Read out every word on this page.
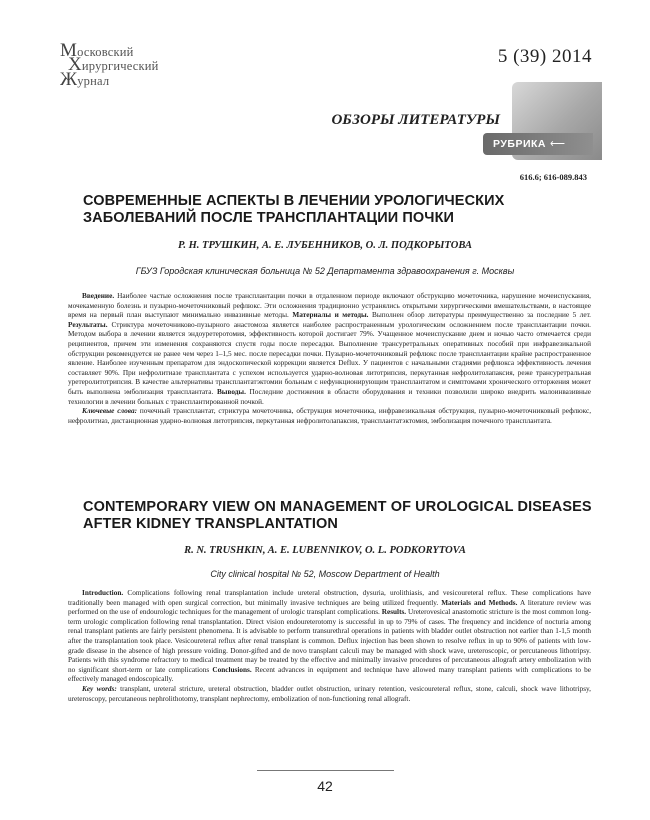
Московский
Хирургический
Журнал
5 (39) 2014
ОБЗОРЫ ЛИТЕРАТУРЫ
РУБРИКА ⟵
616.6; 616-089.843
СОВРЕМЕННЫЕ АСПЕКТЫ В ЛЕЧЕНИИ УРОЛОГИЧЕСКИХ
ЗАБОЛЕВАНИЙ ПОСЛЕ ТРАНСПЛАНТАЦИИ ПОЧКИ
Р. Н. ТРУШКИН, А. Е. ЛУБЕННИКОВ, О. Л. ПОДКОРЫТОВА
ГБУЗ Городская клиническая больница № 52 Департамента здравоохранения г. Москвы

Введение. Наиболее частые осложнения после трансплантации почки в отдаленном периоде включают обструкцию мочеточника, нарушение мочеиспускания, мочекаменную болезнь и пузырно-мочеточниковый рефлюкс. Эти осложнения традиционно устранялись открытыми хирургическими вмешательствами, в настоящее время на первый план выступают минимально инвазивные методы. Материалы и методы. Выполнен обзор литературы преимущественно за последние 5 лет. Результаты. Стриктура мочеточниково-пузырного анастомоза является наиболее распространенным урологическим осложнением после трансплантации почки. Методом выбора в лечении является эндоуретеротомия, эффективность которой достигает 79%. Учащенное мочеиспускание днем и ночью часто отмечается среди реципиентов, причем эти изменения сохраняются спустя годы после пересадки. Выполнение трансуретральных оперативных пособий при инфравезикальной обструкции рекомендуется не ранее чем через 1–1,5 мес. после пересадки почки. Пузырно-мочеточниковый рефлюкс после трансплантации крайне распространенное явление. Наиболее изученным препаратом для эндоскопической коррекции является Deflux. У пациентов с начальными стадиями рефлюкса эффективность лечения составляет 90%. При нефролитиазе трансплантата с успехом используется ударно-волновая литотрипсия, перкутанная нефролитолапаксия, реже трансуретральная уретеролитотрипсия. В качестве альтернативы трансплантатэктомии больным с нефункционирующим трансплантатом и симптомами хронического отторжения может быть выполнена эмболизация трансплантата. Выводы. Последние достижения в области оборудования и техники позволили широко внедрить малоинвазивные технологии в лечении больных с трансплантированной почкой.

Ключевые слова: почечный трансплантат, стриктура мочеточника, обструкция мочеточника, инфравезикальная обструкция, пузырно-мочеточниковый рефлюкс, нефролитиаз, дистанционная ударно-волновая литотрипсия, перкутанная нефролитолапаксия, трансплантатэктомия, эмболизация почечного трансплантата.

CONTEMPORARY VIEW ON MANAGEMENT OF UROLOGICAL DISEASES
AFTER KIDNEY TRANSPLANTATION
R. N. TRUSHKIN, A. E. LUBENNIKOV, O. L. PODKORYTOVA
City clinical hospital № 52, Moscow Department of Health

Introduction. Complications following renal transplantation include ureteral obstruction, dysuria, urolithiasis, and vesicoureteral reflux. These complications have traditionally been managed with open surgical correction, but minimally invasive techniques are being utilized frequently. Materials and Methods. A literature review was performed on the use of endourologic techniques for the management of urologic transplant complications. Results. Ureterovesical anastomotic stricture is the most common long-term urologic complication following renal transplantation. Direct vision endoureterotomy is successful in up to 79% of cases. The frequency and incidence of nocturia among renal transplant patients are fairly persistent phenomena. It is advisable to perform transurethral operations in patients with bladder outlet obstruction not earlier than 1-1,5 month after the transplantation took place. Vesicoureteral reflux after renal transplant is common. Deflux injection has been shown to resolve reflux in up to 90% of patients with low-grade disease in the absence of high pressure voiding. Donor-gifted and de novo transplant calculi may be managed with shock wave, ureteroscopic, or percutaneous lithotripsy. Patients with this syndrome refractory to medical treatment may be treated by the effective and minimally invasive procedures of percutaneous allograft artery embolization with no significant short-term or late complications Conclusions. Recent advances in equipment and technique have allowed many transplant patients with complications to be effectively managed endoscopically.

Key words: transplant, ureteral stricture, ureteral obstruction, bladder outlet obstruction, urinary retention, vesicoureteral reflux, stone, calculi, shock wave lithotripsy, ureteroscopy, percutaneous nephrolithotomy, transplant nephrectomy, embolization of non-functioning renal allograft.

42
